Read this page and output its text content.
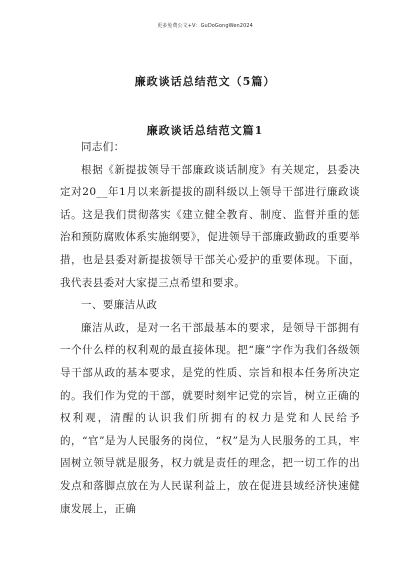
更多免费公文+V：GuDoGongWen2024
廉政谈话总结范文（5篇）
廉政谈话总结范文篇1

同志们：

根据《新提拔领导干部廉政谈话制度》有关规定，县委决定对20__年1月以来新提拔的副科级以上领导干部进行廉政谈话。这是我们贯彻落实《建立健全教育、制度、监督并重的惩治和预防腐败体系实施纲要》，促进领导干部廉政勤政的重要举措，也是县委对新提拔领导干部关心爱护的重要体现。下面，我代表县委对大家提三点希望和要求。

一、要廉洁从政

廉洁从政，是对一名干部最基本的要求，是领导干部拥有一个什么样的权利观的最直接体现。把“廉”字作为我们各级领导干部从政的基本要求，是党的性质、宗旨和根本任务所决定的。我们作为党的干部，就要时刻牢记党的宗旨，树立正确的权利观，清醒的认识我们所拥有的权力是党和人民给予的，“官”是为人民服务的岗位，“权”是为人民服务的工具，牢固树立领导就是服务，权力就是责任的理念，把一切工作的出发点和落脚点放在为人民谋利益上，放在促进县域经济快速健康发展上，正确
